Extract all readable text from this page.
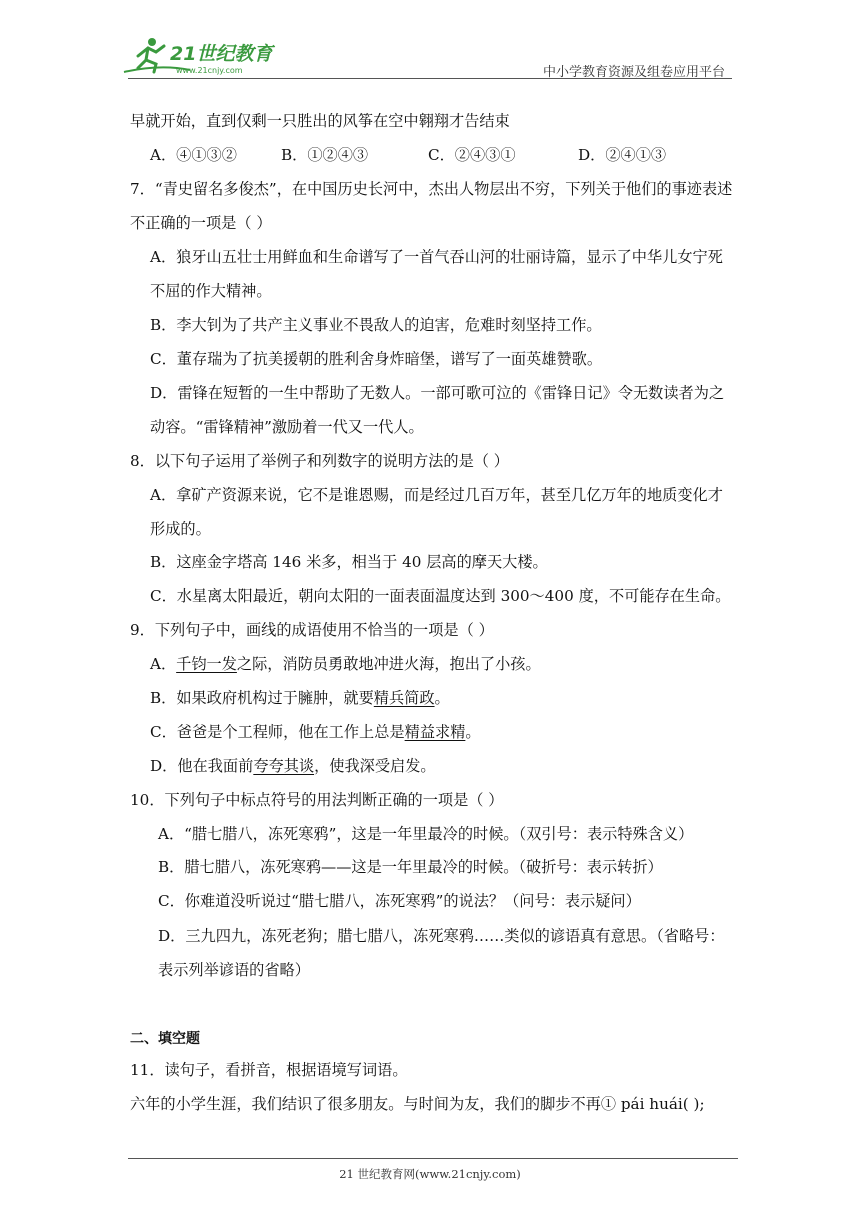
21世纪教育
www.21cnjy.com	中小学教育资源及组卷应用平台
早就开始，直到仅剩一只胜出的风筝在空中翱翔才告结束
A．④①③②	B．①②④③	C．②④③①	D．②④①③
7．“青史留名多俊杰”，在中国历史长河中，杰出人物层出不穷，下列关于他们的事迹表述
不正确的一项是（ ）
A．狼牙山五壮士用鲜血和生命谱写了一首气吞山河的壮丽诗篇，显示了中华儿女宁死
不屈的作大精神。
B．李大钊为了共产主义事业不畏敌人的迫害，危难时刻坚持工作。
C．董存瑞为了抗美援朝的胜利舍身炸暗堡，谱写了一面英雄赞歌。
D．雷锋在短暂的一生中帮助了无数人。一部可歌可泣的《雷锋日记》令无数读者为之
动容。“雷锋精神”激励着一代又一代人。
8．以下句子运用了举例子和列数字的说明方法的是（ ）
A．拿矿产资源来说，它不是谁恩赐，而是经过几百万年，甚至几亿万年的地质变化才
形成的。
B．这座金字塔高 146 米多，相当于 40 层高的摩天大楼。
C．水星离太阳最近，朝向太阳的一面表面温度达到 300～400 度，不可能存在生命。
9．下列句子中，画线的成语使用不恰当的一项是（ ）
A．千钧一发之际，消防员勇敢地冲进火海，抱出了小孩。
B．如果政府机构过于臃肿，就要精兵简政。
C．爸爸是个工程师，他在工作上总是精益求精。
D．他在我面前夸夸其谈，使我深受启发。
10．下列句子中标点符号的用法判断正确的一项是（ ）
A．“腊七腊八，冻死寒鸦”，这是一年里最冷的时候。（双引号：表示特殊含义）
B．腊七腊八，冻死寒鸦——这是一年里最冷的时候。（破折号：表示转折）
C．你难道没听说过“腊七腊八，冻死寒鸦”的说法？（问号：表示疑问）
D．三九四九，冻死老狗；腊七腊八，冻死寒鸦……类似的谚语真有意思。（省略号：
表示列举谚语的省略）
二、填空题
11．读句子，看拼音，根据语境写词语。
六年的小学生涯，我们结识了很多朋友。与时间为友，我们的脚步不再① pái huái( );
21 世纪教育网(www.21cnjy.com)
